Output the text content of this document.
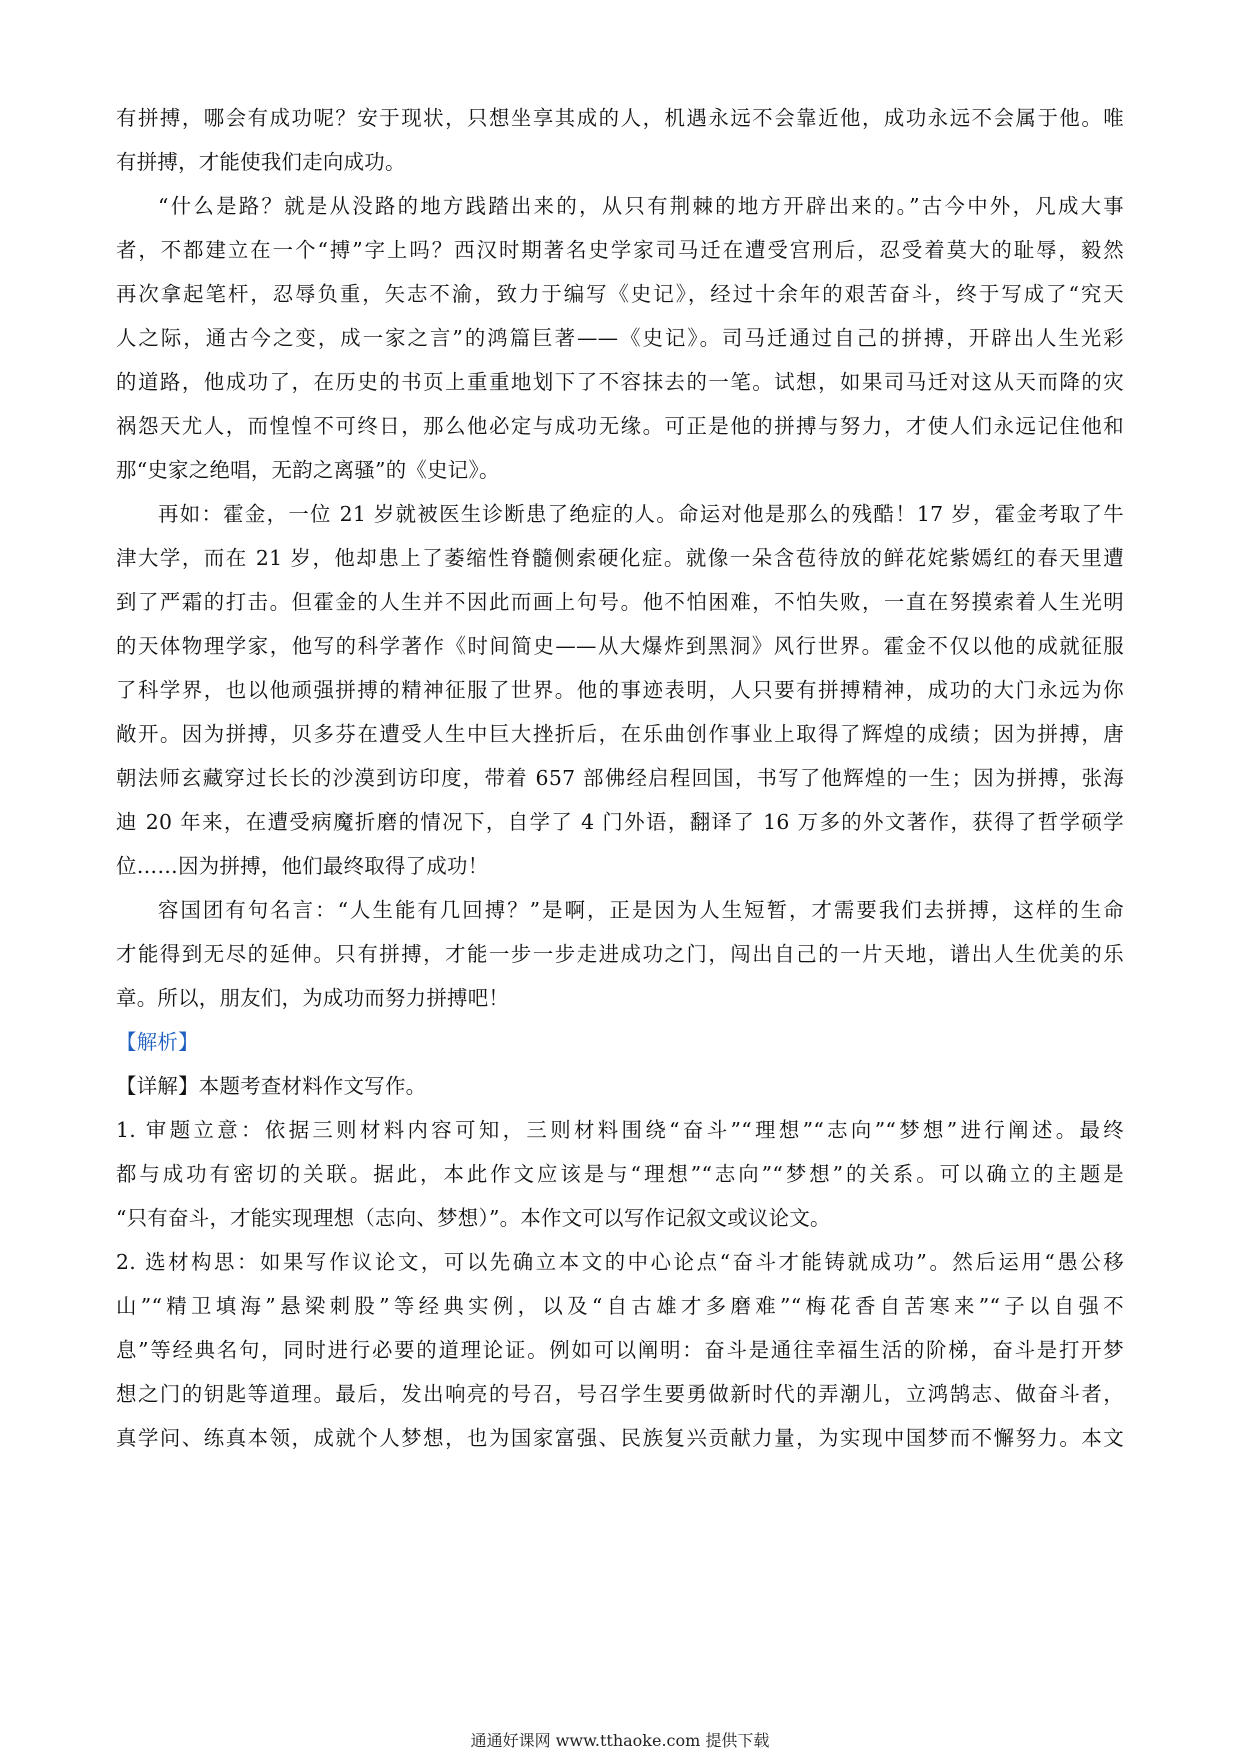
有拼搏，哪会有成功呢？安于现状，只想坐享其成的人，机遇永远不会靠近他，成功永远不会属于他。唯
有拼搏，才能使我们走向成功。
“什么是路？就是从没路的地方践踏出来的，从只有荆棘的地方开辟出来的。”古今中外，凡成大事
者，不都建立在一个“搏”字上吗？西汉时期著名史学家司马迁在遭受宫刑后，忍受着莫大的耻辱，毅然
再次拿起笔杆，忍辱负重，矢志不渝，致力于编写《史记》，经过十余年的艰苦奋斗，终于写成了“究天
人之际，通古今之变，成一家之言”的鸿篇巨著——《史记》。司马迁通过自己的拼搏，开辟出人生光彩
的道路，他成功了，在历史的书页上重重地划下了不容抹去的一笔。试想，如果司马迁对这从天而降的灾
祸怨天尤人，而惶惶不可终日，那么他必定与成功无缘。可正是他的拼搏与努力，才使人们永远记住他和
那“史家之绝唱，无韵之离骚”的《史记》。
再如：霍金，一位 21 岁就被医生诊断患了绝症的人。命运对他是那么的残酷！17 岁，霍金考取了牛
津大学，而在 21 岁，他却患上了萎缩性脊髓侧索硬化症。就像一朵含苞待放的鲜花姹紫嫣红的春天里遭
到了严霜的打击。但霍金的人生并不因此而画上句号。他不怕困难，不怕失败，一直在努摸索着人生光明
的天体物理学家，他写的科学著作《时间简史——从大爆炸到黑洞》风行世界。霍金不仅以他的成就征服
了科学界，也以他顽强拼搏的精神征服了世界。他的事迹表明，人只要有拼搏精神，成功的大门永远为你
敞开。因为拼搏，贝多芬在遭受人生中巨大挫折后，在乐曲创作事业上取得了辉煌的成绩；因为拼搏，唐
朝法师玄藏穿过长长的沙漠到访印度，带着 657 部佛经启程回国，书写了他辉煌的一生；因为拼搏，张海
迪 20 年来，在遭受病魔折磨的情况下，自学了 4 门外语，翻译了 16 万多的外文著作，获得了哲学硕学
位……因为拼搏，他们最终取得了成功！
容国团有句名言：“人生能有几回搏？”是啊，正是因为人生短暂，才需要我们去拼搏，这样的生命
才能得到无尽的延伸。只有拼搏，才能一步一步走进成功之门，闯出自己的一片天地，谱出人生优美的乐
章。所以，朋友们，为成功而努力拼搏吧！
【解析】
【详解】本题考查材料作文写作。
1. 审题立意：依据三则材料内容可知，三则材料围绕“奋斗”“理想”“志向”“梦想”进行阐述。最终
都与成功有密切的关联。据此，本此作文应该是与“理想”“志向”“梦想”的关系。可以确立的主题是
“只有奋斗，才能实现理想（志向、梦想）”。本作文可以写作记叙文或议论文。
2. 选材构思：如果写作议论文，可以先确立本文的中心论点“奋斗才能铸就成功”。然后运用“愚公移
山”“精卫填海”悬梁刺股”等经典实例，以及“自古雄才多磨难”“梅花香自苦寒来”“子以自强不
息”等经典名句，同时进行必要的道理论证。例如可以阐明：奋斗是通往幸福生活的阶梯，奋斗是打开梦
想之门的钥匙等道理。最后，发出响亮的号召，号召学生要勇做新时代的弄潮儿，立鸿鹄志、做奋斗者，
真学问、练真本领，成就个人梦想，也为国家富强、民族复兴贡献力量，为实现中国梦而不懈努力。本文
通通好课网 www.tthaoke.com 提供下载
